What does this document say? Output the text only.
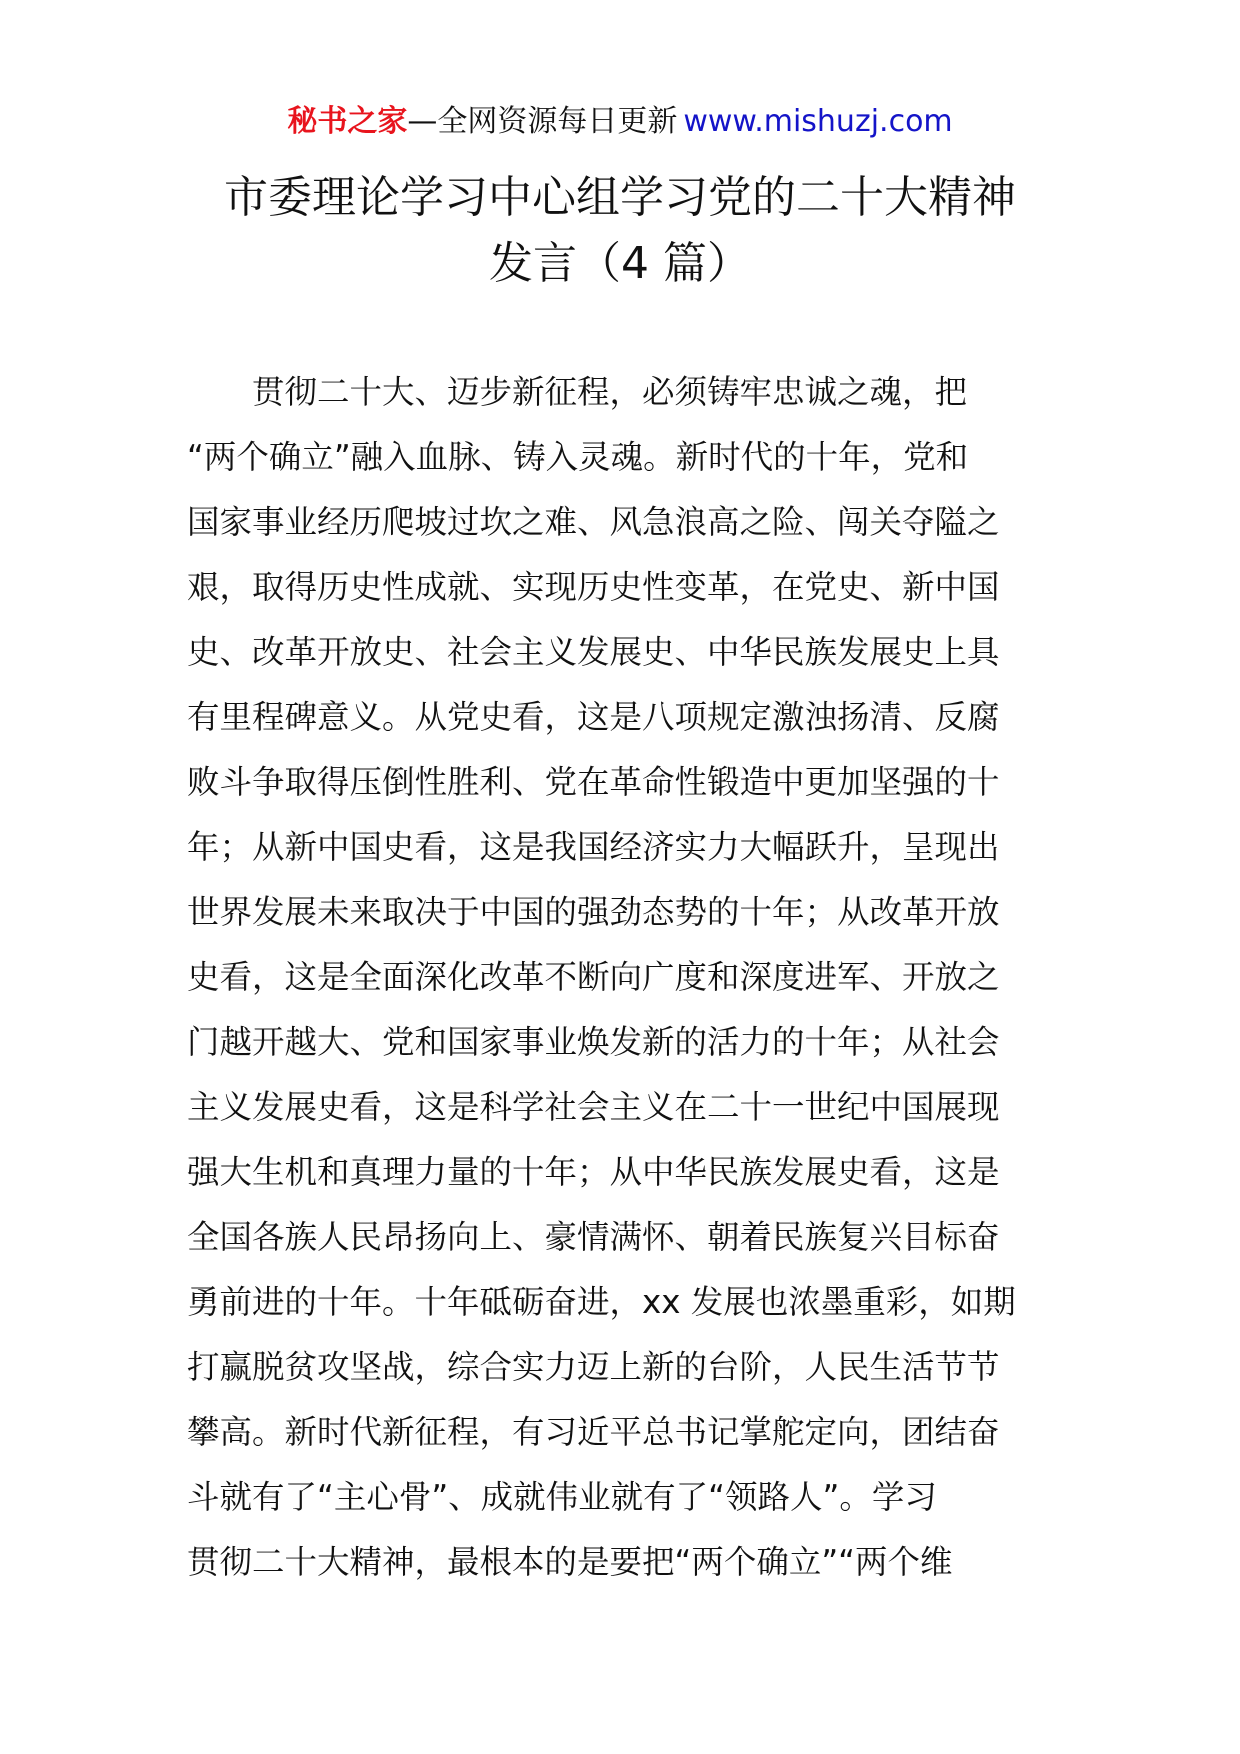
秘书之家—全网资源每日更新 www.mishuzj.com
市委理论学习中心组学习党的二十大精神
发言（4 篇）
　　贯彻二十大、迈步新征程，必须铸牢忠诚之魂，把
“两个确立”融入血脉、铸入灵魂。新时代的十年，党和
国家事业经历爬坡过坎之难、风急浪高之险、闯关夺隘之
艰，取得历史性成就、实现历史性变革，在党史、新中国
史、改革开放史、社会主义发展史、中华民族发展史上具
有里程碑意义。从党史看，这是八项规定激浊扬清、反腐
败斗争取得压倒性胜利、党在革命性锻造中更加坚强的十
年；从新中国史看，这是我国经济实力大幅跃升，呈现出
世界发展未来取决于中国的强劲态势的十年；从改革开放
史看，这是全面深化改革不断向广度和深度进军、开放之
门越开越大、党和国家事业焕发新的活力的十年；从社会
主义发展史看，这是科学社会主义在二十一世纪中国展现
强大生机和真理力量的十年；从中华民族发展史看，这是
全国各族人民昂扬向上、豪情满怀、朝着民族复兴目标奋
勇前进的十年。十年砥砺奋进，xx 发展也浓墨重彩，如期
打赢脱贫攻坚战，综合实力迈上新的台阶，人民生活节节
攀高。新时代新征程，有习近平总书记掌舵定向，团结奋
斗就有了“主心骨”、成就伟业就有了“领路人”。学习
贯彻二十大精神，最根本的是要把“两个确立”“两个维
